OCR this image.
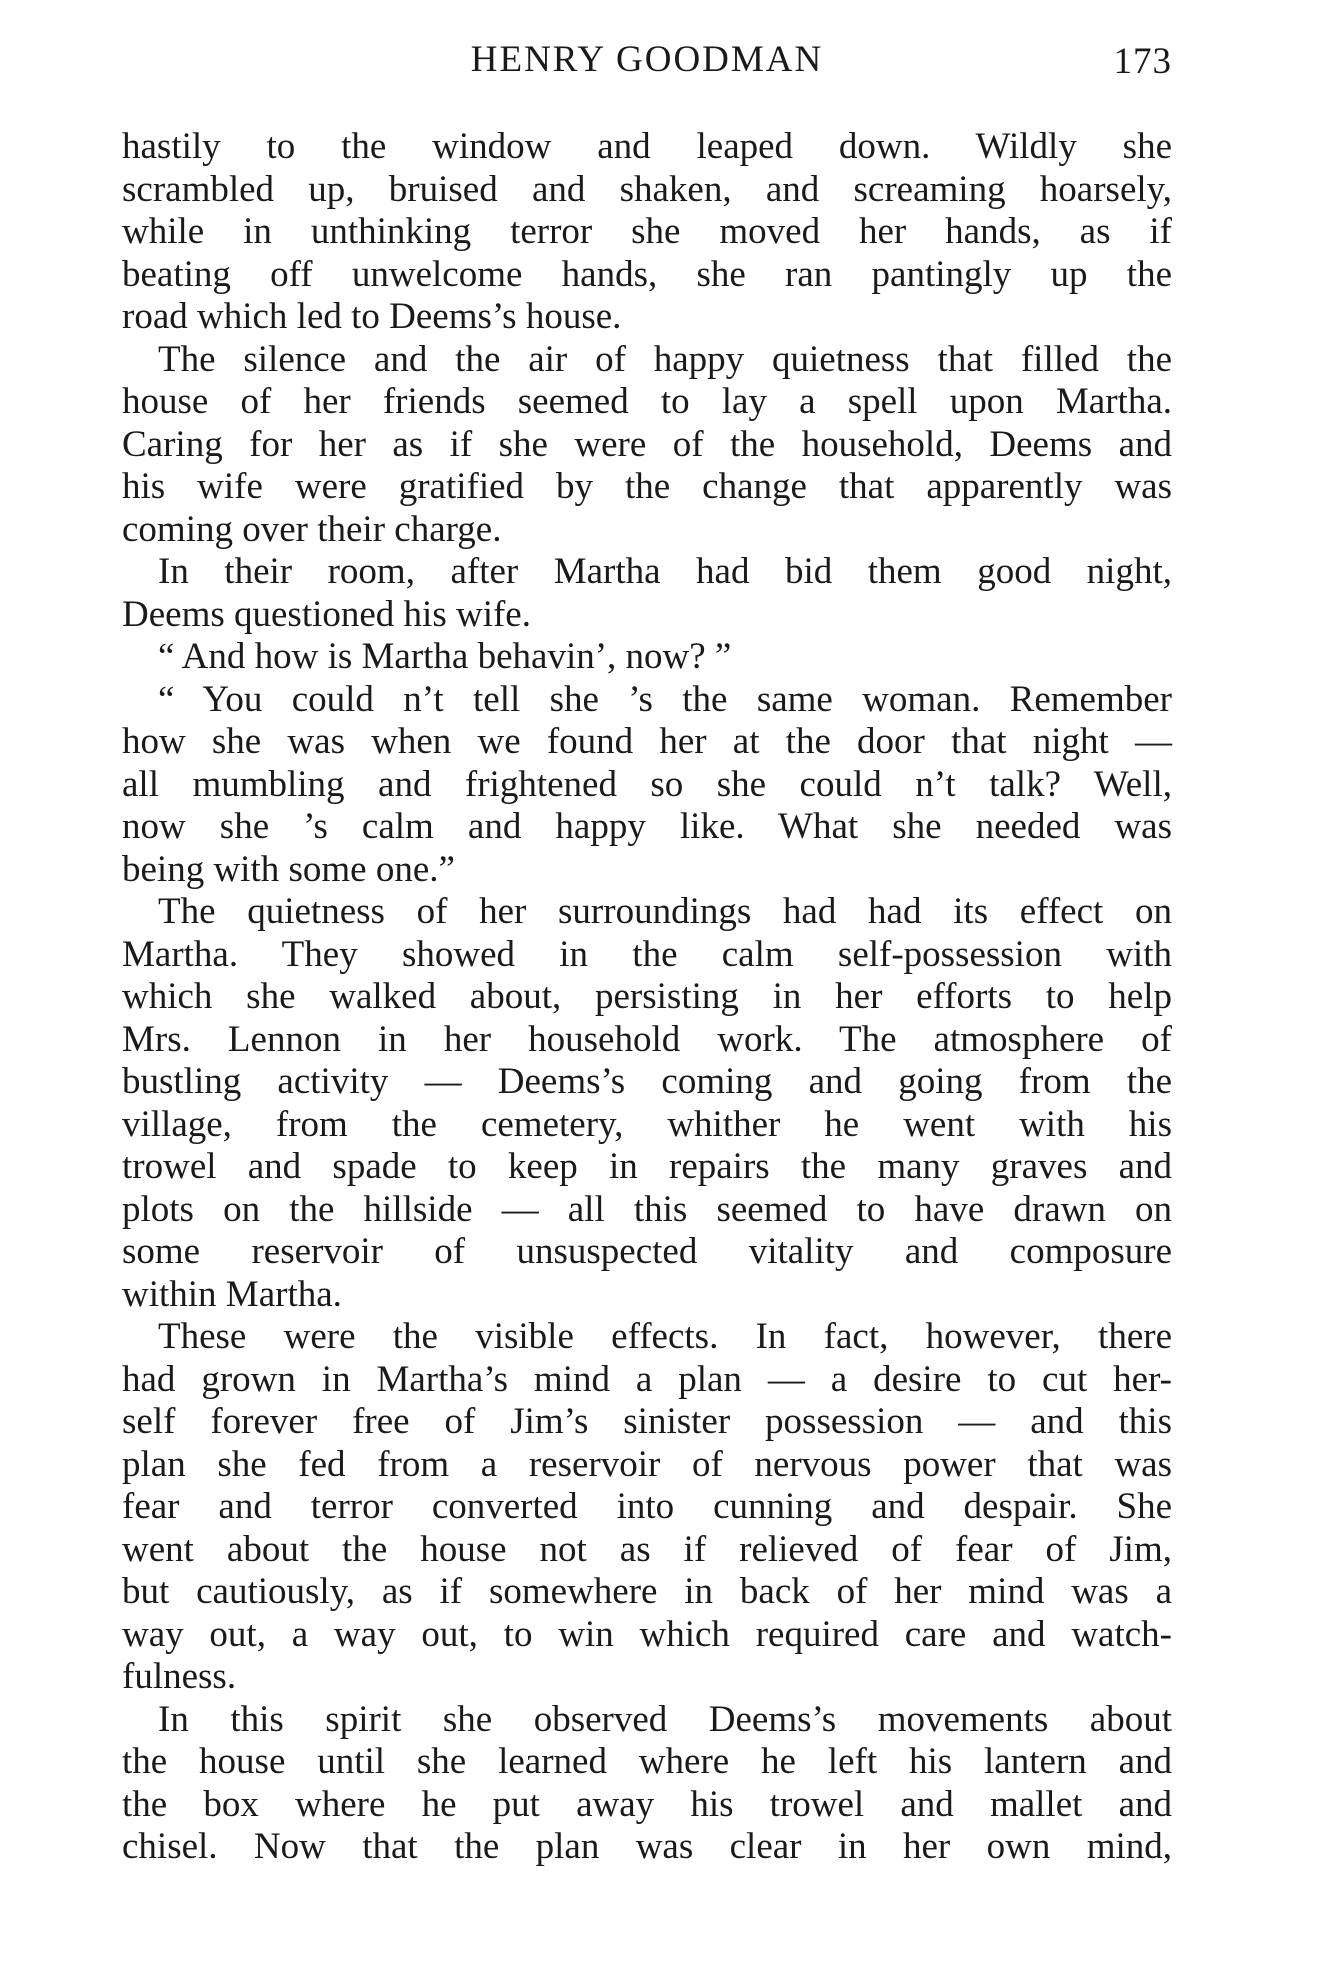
HENRY GOODMAN	173
hastily to the window and leaped down. Wildly she
scrambled up, bruised and shaken, and screaming hoarsely,
while in unthinking terror she moved her hands, as if
beating off unwelcome hands, she ran pantingly up the
road which led to Deems’s house.
The silence and the air of happy quietness that filled the
house of her friends seemed to lay a spell upon Martha.
Caring for her as if she were of the household, Deems and
his wife were gratified by the change that apparently was
coming over their charge.
In their room, after Martha had bid them good night,
Deems questioned his wife.
“ And how is Martha behavin’, now? ”
“ You could n’t tell she ’s the same woman. Remember
how she was when we found her at the door that night —
all mumbling and frightened so she could n’t talk? Well,
now she ’s calm and happy like. What she needed was
being with some one.”
The quietness of her surroundings had had its effect on
Martha. They showed in the calm self-possession with
which she walked about, persisting in her efforts to help
Mrs. Lennon in her household work. The atmosphere of
bustling activity — Deems’s coming and going from the
village, from the cemetery, whither he went with his
trowel and spade to keep in repairs the many graves and
plots on the hillside — all this seemed to have drawn on
some reservoir of unsuspected vitality and composure
within Martha.
These were the visible effects. In fact, however, there
had grown in Martha’s mind a plan — a desire to cut her-
self forever free of Jim’s sinister possession — and this
plan she fed from a reservoir of nervous power that was
fear and terror converted into cunning and despair. She
went about the house not as if relieved of fear of Jim,
but cautiously, as if somewhere in back of her mind was a
way out, a way out, to win which required care and watch-
fulness.
In this spirit she observed Deems’s movements about
the house until she learned where he left his lantern and
the box where he put away his trowel and mallet and
chisel. Now that the plan was clear in her own mind,
